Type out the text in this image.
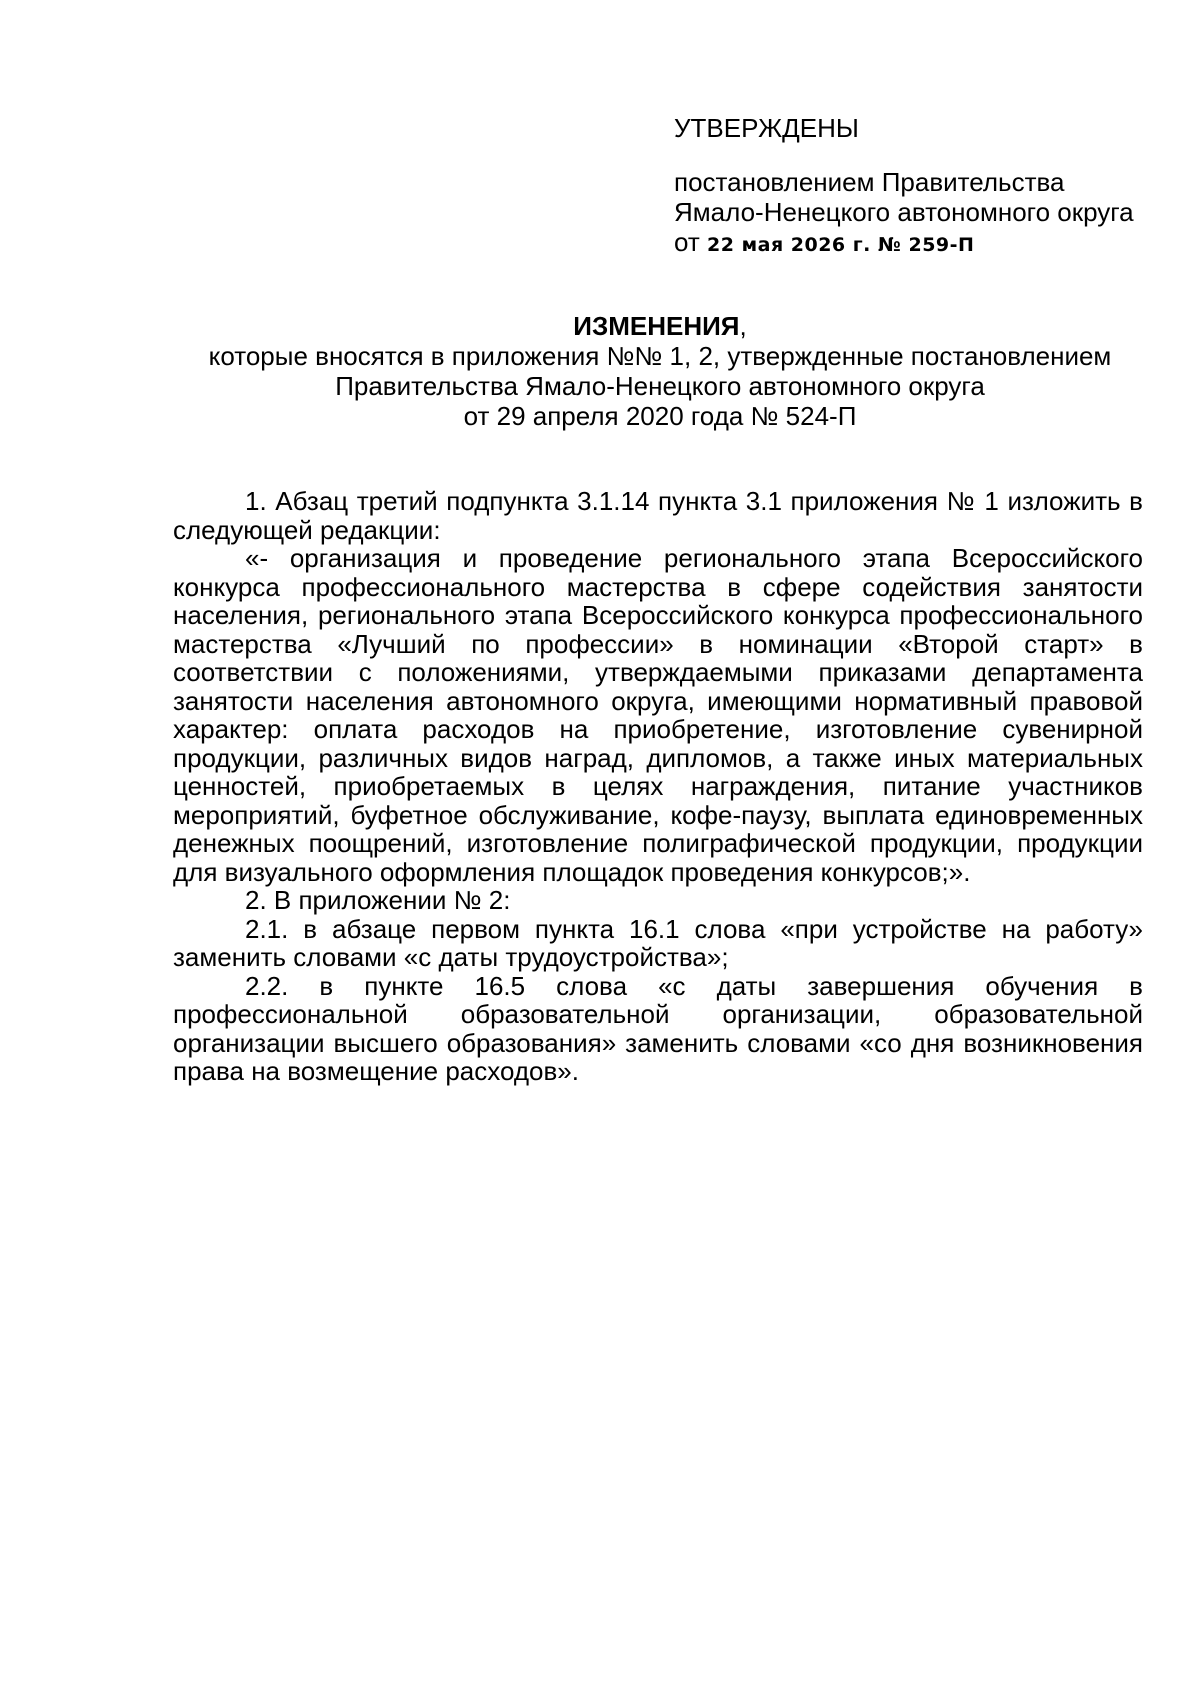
УТВЕРЖДЕНЫ
постановлением Правительства
Ямало-Ненецкого автономного округа
от 22 мая 2026 г. № 259-П
ИЗМЕНЕНИЯ,
которые вносятся в приложения №№ 1, 2, утвержденные постановлением
Правительства Ямало-Ненецкого автономного округа
от 29 апреля 2020 года № 524-П

1. Абзац третий подпункта 3.1.14 пункта 3.1 приложения № 1 изложить в следующей редакции:

«- организация и проведение регионального этапа Всероссийского конкурса профессионального мастерства в сфере содействия занятости населения, регионального этапа Всероссийского конкурса профессионального мастерства «Лучший по профессии» в номинации «Второй старт» в соответствии с положениями, утверждаемыми приказами департамента занятости населения автономного округа, имеющими нормативный правовой характер: оплата расходов на приобретение, изготовление сувенирной продукции, различных видов наград, дипломов, а также иных материальных ценностей, приобретаемых в целях награждения, питание участников мероприятий, буфетное обслуживание, кофе-паузу, выплата единовременных денежных поощрений, изготовление полиграфической продукции, продукции для визуального оформления площадок проведения конкурсов;».

2. В приложении № 2:

2.1. в абзаце первом пункта 16.1 слова «при устройстве на работу» заменить словами «с даты трудоустройства»;

2.2. в пункте 16.5 слова «с даты завершения обучения в профессиональной образовательной организации, образовательной организации высшего образования» заменить словами «со дня возникновения права на возмещение расходов».
